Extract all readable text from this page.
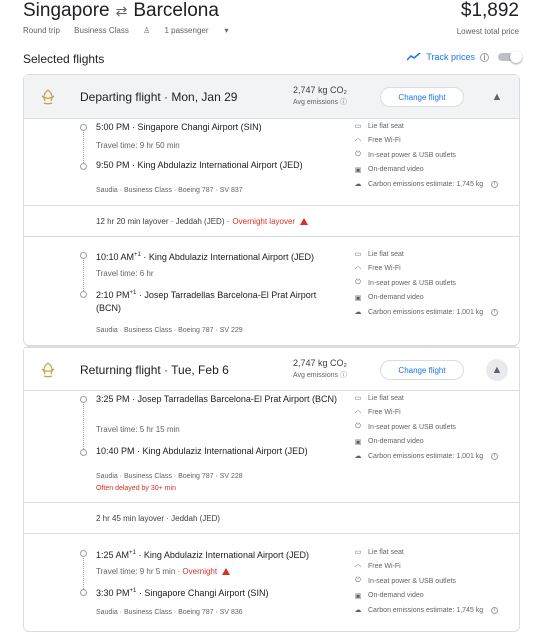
Singapore ⇄ Barcelona	$1,892
Round trip Business Class ♙ 1 passenger ▾	Lowest total price
Selected flights	Track prices	i
Departing flight · Mon, Jan 29	2,747 kg CO₂
Avg emissions ⓘ
Change flight	▲
5:00 PM · Singapore Changi Airport (SIN)
Travel time: 9 hr 50 min
9:50 PM · King Abdulaziz International Airport (JED)
Saudia · Business Class · Boeing 787 · SV 837
▭ Lie flat seat
◠ Free Wi-Fi
⏻ In-seat power & USB outlets
▣ On-demand video
☁ Carbon emissions estimate: 1,745 kg	i
12 hr 20 min layover · Jeddah (JED) · Overnight layover
10:10 $AM^{+1}$ · King Abdulaziz International Airport (JED)
Travel time: 6 hr
2:10 $PM^{+1}$ · Josep Tarradellas Barcelona-El Prat Airport (BCN)
Saudia · Business Class · Boeing 787 · SV 229
▭ Lie flat seat
◠ Free Wi-Fi
⏻ In-seat power & USB outlets
▣ On-demand video
☁ Carbon emissions estimate: 1,001 kg	i
Returning flight · Tue, Feb 6	2,747 kg CO₂
Avg emissions ⓘ
Change flight	▲
3:25 PM · Josep Tarradellas Barcelona-El Prat Airport (BCN)
Travel time: 5 hr 15 min
10:40 PM · King Abdulaziz International Airport (JED)
Saudia · Business Class · Boeing 787 · SV 228
Often delayed by 30+ min
▭ Lie flat seat
◠ Free Wi-Fi
⏻ In-seat power & USB outlets
▣ On-demand video
☁ Carbon emissions estimate: 1,001 kg	i
2 hr 45 min layover · Jeddah (JED)
1:25 $AM^{+1}$ · King Abdulaziz International Airport (JED)
Travel time: 9 hr 5 min · Overnight
3:30 $PM^{+1}$ · Singapore Changi Airport (SIN)
Saudia · Business Class · Boeing 787 · SV 836
▭ Lie flat seat
◠ Free Wi-Fi
⏻ In-seat power & USB outlets
▣ On-demand video
☁ Carbon emissions estimate: 1,745 kg	i
